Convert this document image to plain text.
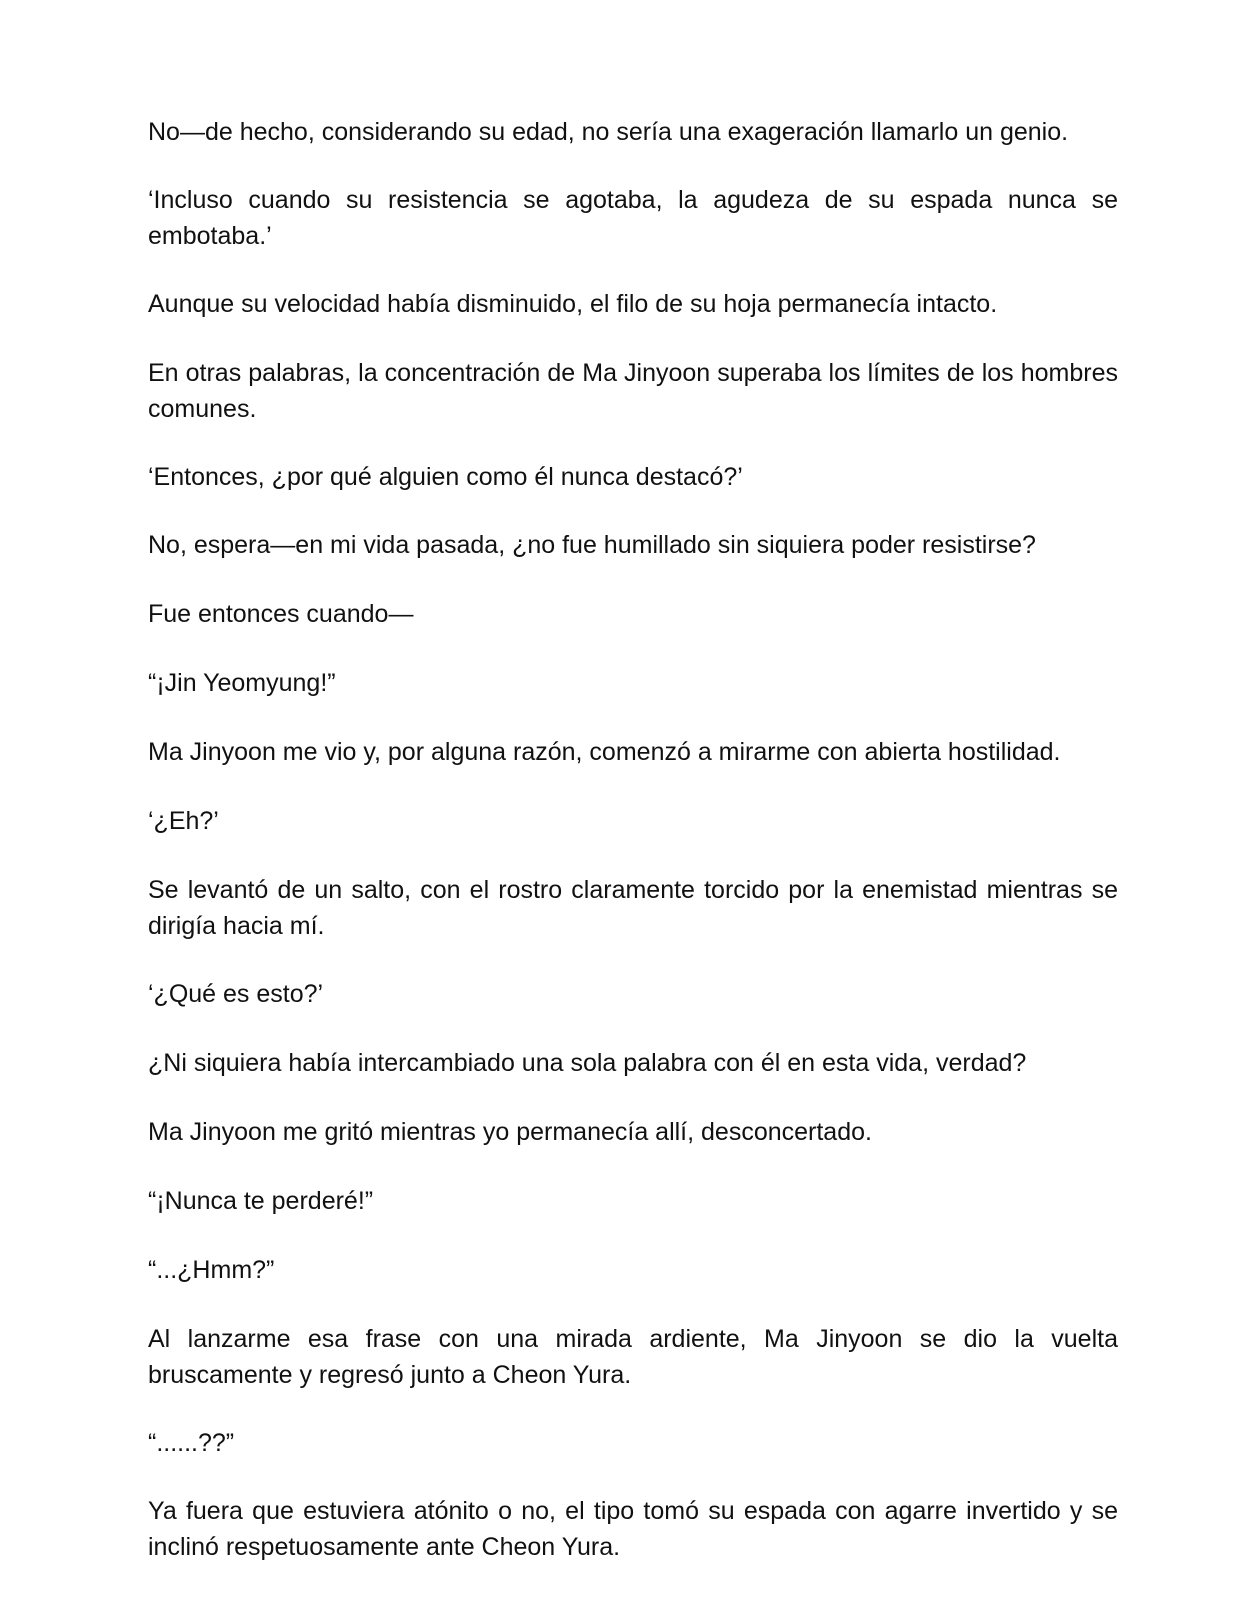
No—de hecho, considerando su edad, no sería una exageración llamarlo un genio.

‘Incluso cuando su resistencia se agotaba, la agudeza de su espada nunca se embotaba.’

Aunque su velocidad había disminuido, el filo de su hoja permanecía intacto.

En otras palabras, la concentración de Ma Jinyoon superaba los límites de los hombres comunes.

‘Entonces, ¿por qué alguien como él nunca destacó?’

No, espera—en mi vida pasada, ¿no fue humillado sin siquiera poder resistirse?

Fue entonces cuando—

“¡Jin Yeomyung!”

Ma Jinyoon me vio y, por alguna razón, comenzó a mirarme con abierta hostilidad.

‘¿Eh?’

Se levantó de un salto, con el rostro claramente torcido por la enemistad mientras se dirigía hacia mí.

‘¿Qué es esto?’

¿Ni siquiera había intercambiado una sola palabra con él en esta vida, verdad?

Ma Jinyoon me gritó mientras yo permanecía allí, desconcertado.

“¡Nunca te perderé!”

“...¿Hmm?”

Al lanzarme esa frase con una mirada ardiente, Ma Jinyoon se dio la vuelta bruscamente y regresó junto a Cheon Yura.

“......??”

Ya fuera que estuviera atónito o no, el tipo tomó su espada con agarre invertido y se inclinó respetuosamente ante Cheon Yura.
